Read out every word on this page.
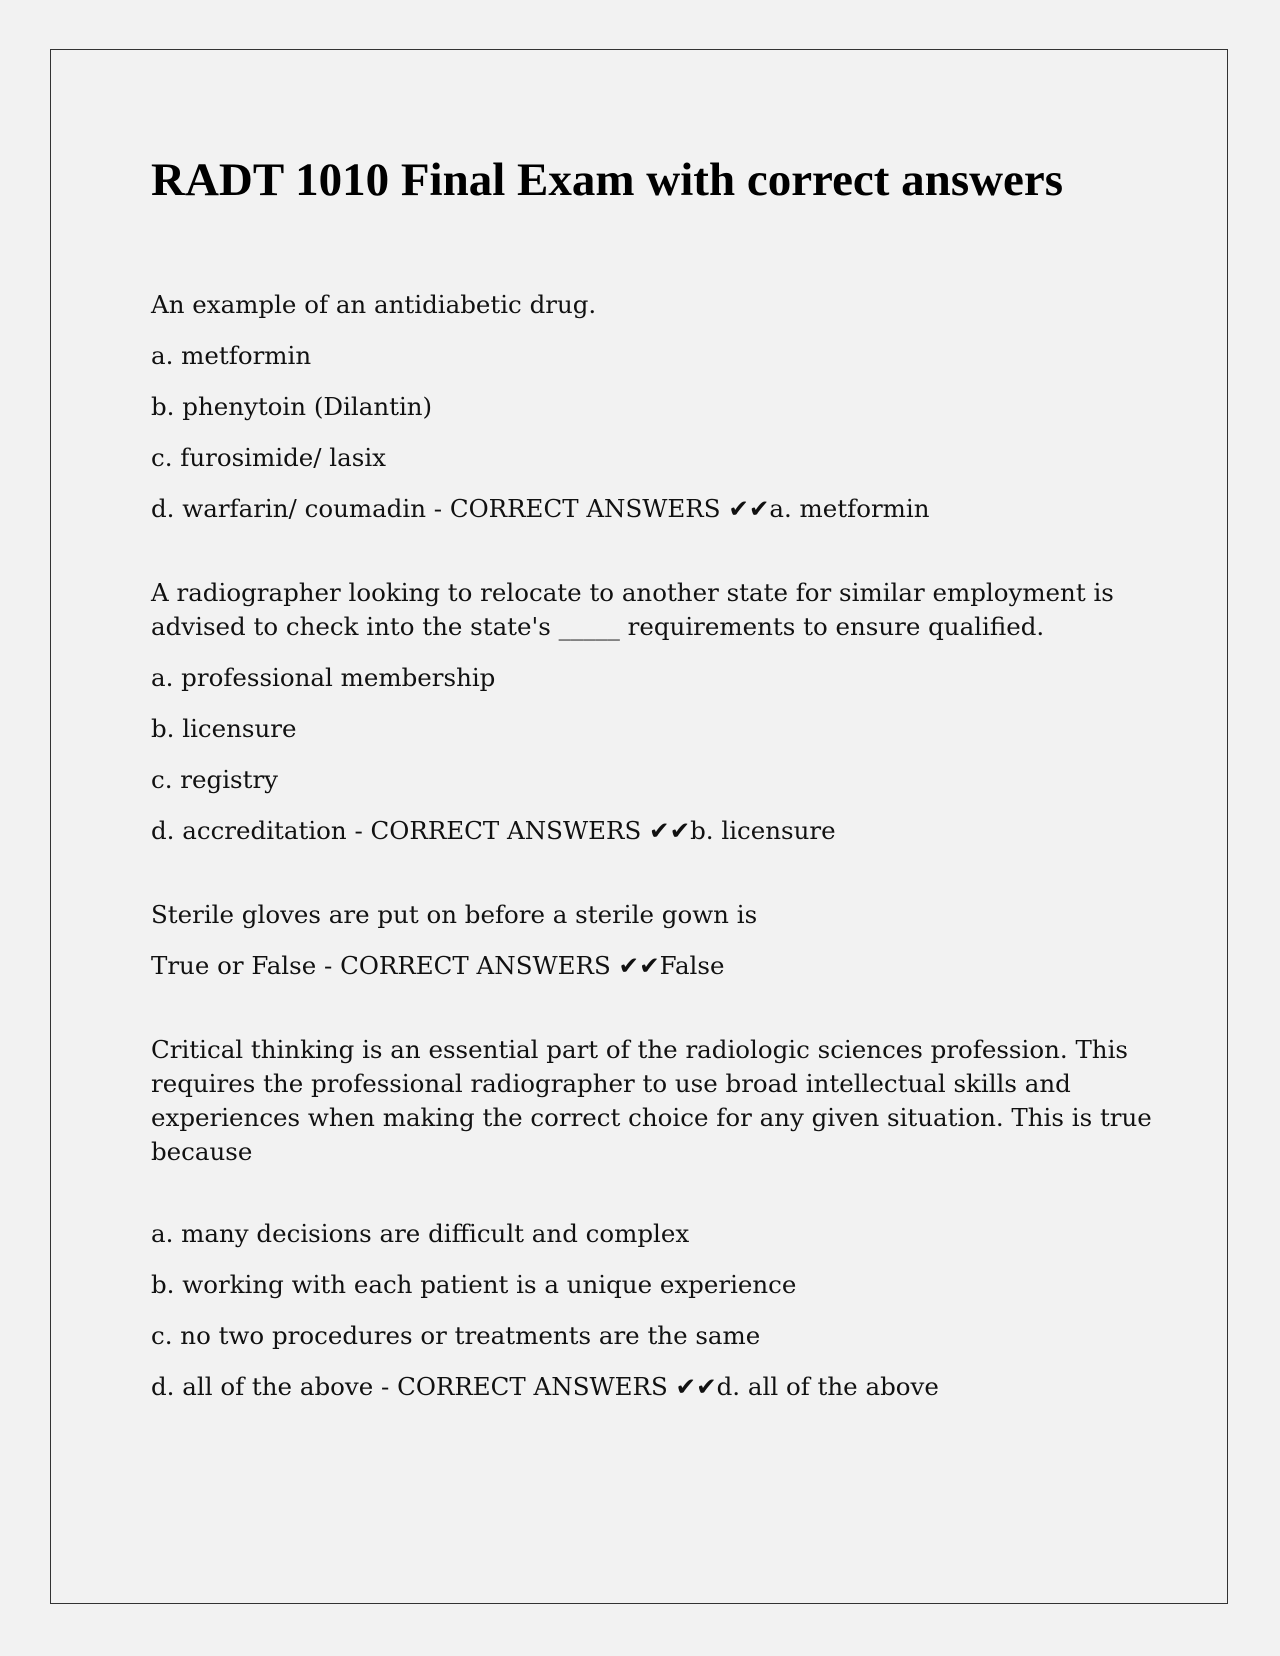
RADT 1010 Final Exam with correct answers
An example of an antidiabetic drug.
a. metformin
b. phenytoin (Dilantin)
c. furosimide/ lasix
d. warfarin/ coumadin - CORRECT ANSWERS ✔✔a. metformin
A radiographer looking to relocate to another state for similar employment is advised to check into the state's _____ requirements to ensure qualified.
a. professional membership
b. licensure
c. registry
d. accreditation - CORRECT ANSWERS ✔✔b. licensure
Sterile gloves are put on before a sterile gown is
True or False - CORRECT ANSWERS ✔✔False
Critical thinking is an essential part of the radiologic sciences profession. This requires the professional radiographer to use broad intellectual skills and experiences when making the correct choice for any given situation. This is true because
a. many decisions are difficult and complex
b. working with each patient is a unique experience
c. no two procedures or treatments are the same
d. all of the above - CORRECT ANSWERS ✔✔d. all of the above
